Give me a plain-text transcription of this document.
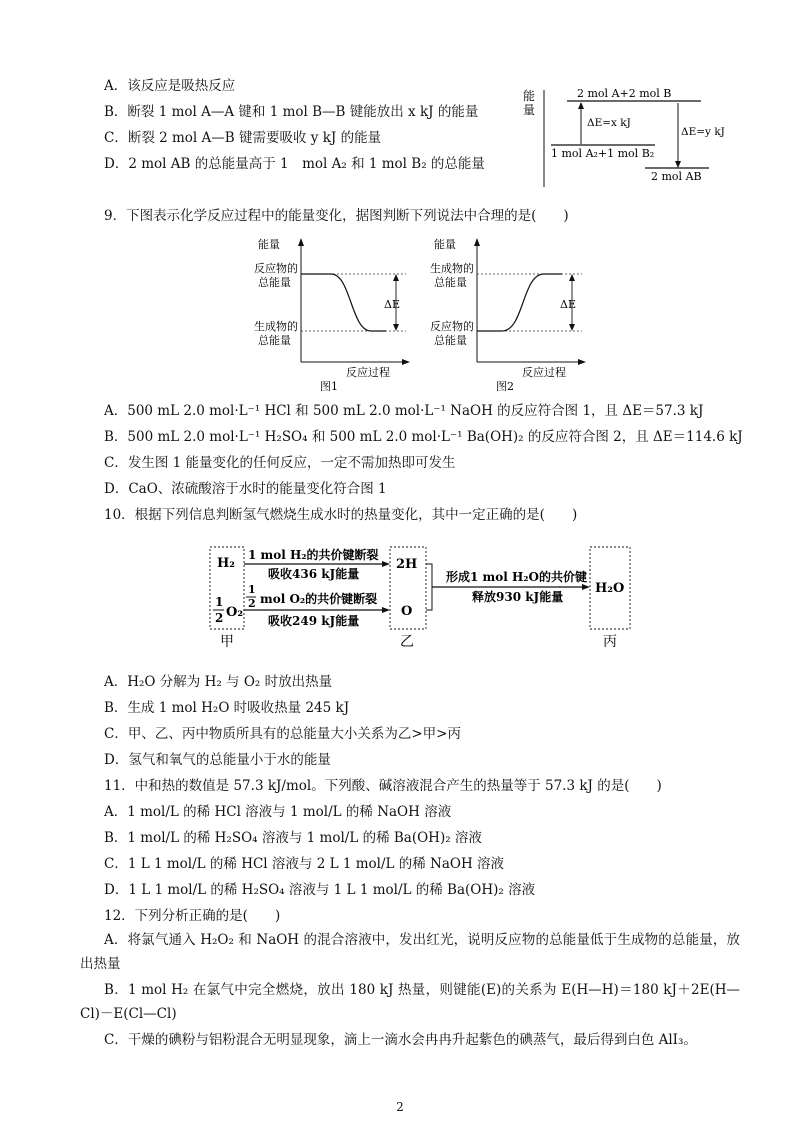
A．该反应是吸热反应
B．断裂 1 mol A—A 键和 1 mol B—B 键能放出 x kJ 的能量
C．断裂 2 mol A—B 键需要吸收 y kJ 的能量
D．2 mol AB 的总能量高于 1　mol A₂ 和 1 mol B₂ 的总能量
能
量
2 mol A+2 mol B
1 mol A₂+1 mol B₂
2 mol AB
ΔE=x kJ
ΔE=y kJ
9．下图表示化学反应过程中的能量变化，据图判断下列说法中合理的是(　　)
能量
反应物的
总能量
生成物的
总能量
ΔE
反应过程
图1
能量
生成物的
总能量
反应物的
总能量
ΔE
反应过程
图2
A．500 mL 2.0 mol·L⁻¹ HCl 和 500 mL 2.0 mol·L⁻¹ NaOH 的反应符合图 1，且 ΔE＝57.3 kJ
B．500 mL 2.0 mol·L⁻¹ H₂SO₄ 和 500 mL 2.0 mol·L⁻¹ Ba(OH)₂ 的反应符合图 2，且 ΔE＝114.6 kJ
C．发生图 1 能量变化的任何反应，一定不需加热即可发生
D．CaO、浓硫酸溶于水时的能量变化符合图 1
10．根据下列信息判断氢气燃烧生成水时的热量变化，其中一定正确的是(　　)
H₂
1
2 O₂
甲
1 mol H₂的共价键断裂
吸收436 kJ能量
1
2 mol O₂的共价键断裂
吸收249 kJ能量
2H
O
乙
形成1 mol H₂O的共价键
释放930 kJ能量
H₂O
丙
A．H₂O 分解为 H₂ 与 O₂ 时放出热量
B．生成 1 mol H₂O 时吸收热量 245 kJ
C．甲、乙、丙中物质所具有的总能量大小关系为乙>甲>丙
D．氢气和氧气的总能量小于水的能量
11．中和热的数值是 57.3 kJ/mol。下列酸、碱溶液混合产生的热量等于 57.3 kJ 的是(　　)
A．1 mol/L 的稀 HCl 溶液与 1 mol/L 的稀 NaOH 溶液
B．1 mol/L 的稀 H₂SO₄ 溶液与 1 mol/L 的稀 Ba(OH)₂ 溶液
C．1 L 1 mol/L 的稀 HCl 溶液与 2 L 1 mol/L 的稀 NaOH 溶液
D．1 L 1 mol/L 的稀 H₂SO₄ 溶液与 1 L 1 mol/L 的稀 Ba(OH)₂ 溶液
12．下列分析正确的是(　　)
A．将氯气通入 H₂O₂ 和 NaOH 的混合溶液中，发出红光，说明反应物的总能量低于生成物的总能量，放出热量
B．1 mol H₂ 在氯气中完全燃烧，放出 180 kJ 热量，则键能(E)的关系为 E(H—H)＝180 kJ＋2E(H—Cl)－E(Cl—Cl)
C．干燥的碘粉与铝粉混合无明显现象，滴上一滴水会冉冉升起紫色的碘蒸气，最后得到白色 AlI₃。
2
